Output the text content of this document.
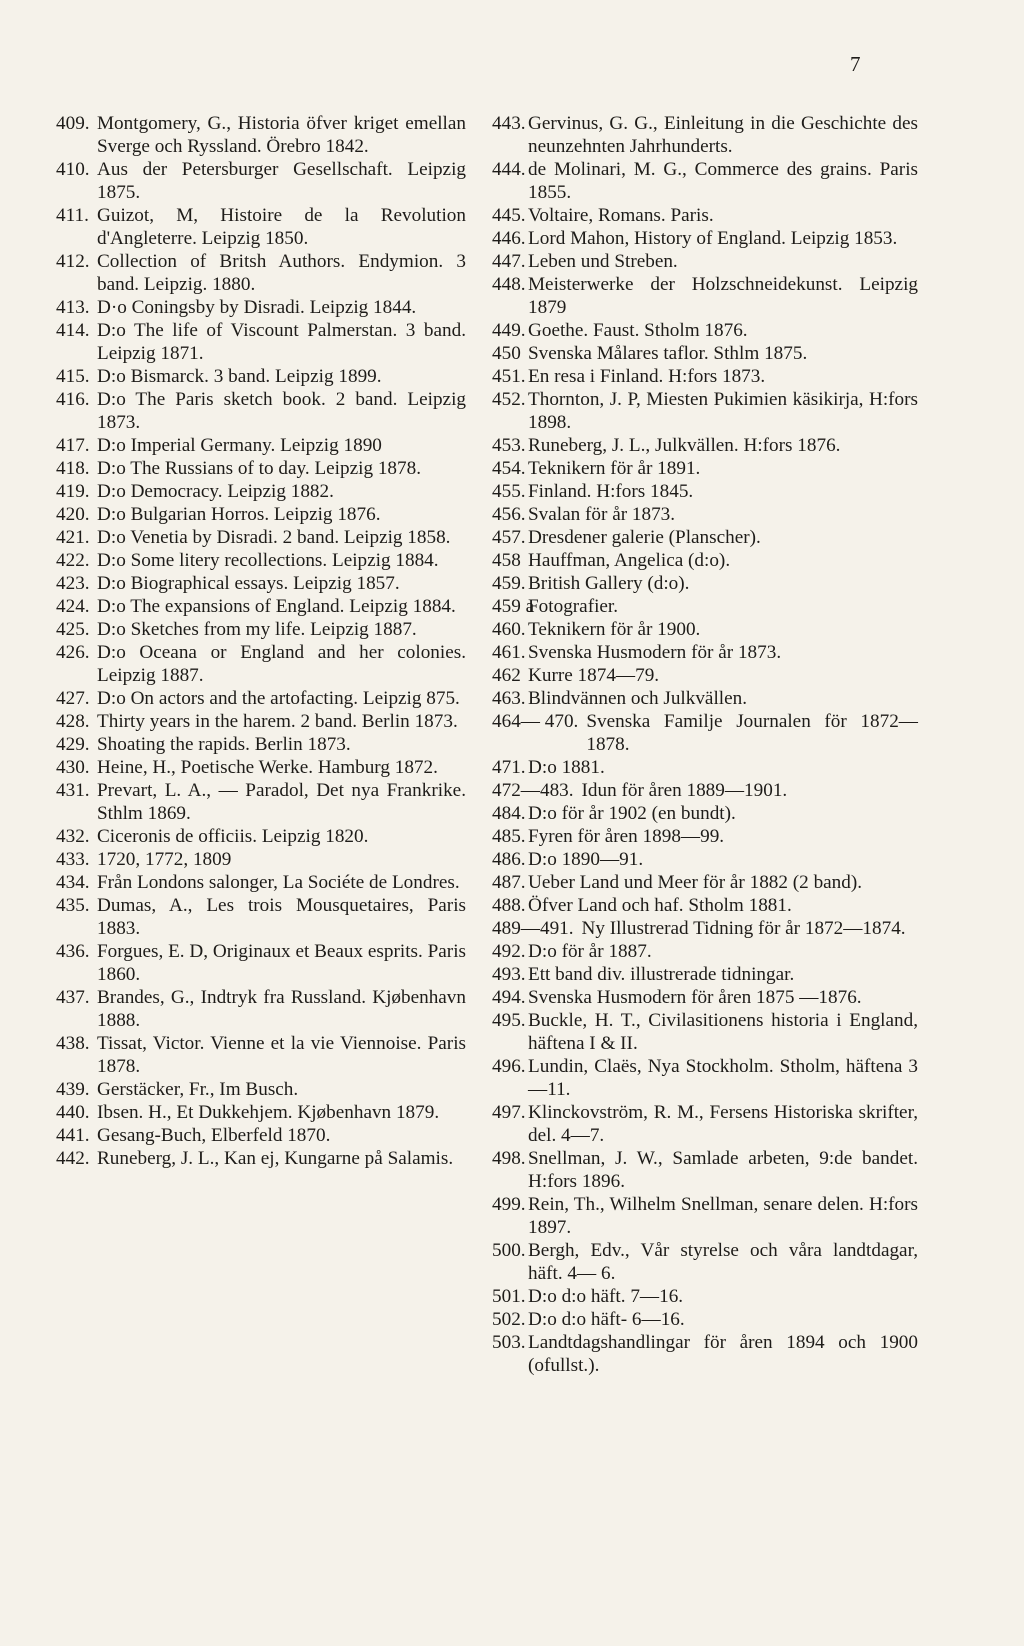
7
409. Montgomery, G., Historia öfver kriget emellan Sverge och Ryssland. Örebro 1842.
410. Aus der Petersburger Gesellschaft. Leipzig 1875.
411. Guizot, M, Histoire de la Revolution d'Angleterre. Leipzig 1850.
412. Collection of Britsh Authors. Endymion. 3 band. Leipzig. 1880.
413. D·o Coningsby by Disradi. Leipzig 1844.
414. D:o The life of Viscount Palmerstan. 3 band. Leipzig 1871.
415. D:o Bismarck. 3 band. Leipzig 1899.
416. D:o The Paris sketch book. 2 band. Leipzig 1873.
417. D:o Imperial Germany. Leipzig 1890
418. D:o The Russians of to day. Leipzig 1878.
419. D:o Democracy. Leipzig 1882.
420. D:o Bulgarian Horros. Leipzig 1876.
421. D:o Venetia by Disradi. 2 band. Leipzig 1858.
422. D:o Some litery recollections. Leipzig 1884.
423. D:o Biographical essays. Leipzig 1857.
424. D:o The expansions of England. Leipzig 1884.
425. D:o Sketches from my life. Leipzig 1887.
426. D:o Oceana or England and her colonies. Leipzig 1887.
427. D:o On actors and the artofacting. Leipzig 875.
428. Thirty years in the harem. 2 band. Berlin 1873.
429. Shoating the rapids. Berlin 1873.
430. Heine, H., Poetische Werke. Hamburg 1872.
431. Prevart, L. A., — Paradol, Det nya Frankrike. Sthlm 1869.
432. Ciceronis de officiis. Leipzig 1820.
433. 1720, 1772, 1809
434. Från Londons salonger, La Sociéte de Londres.
435. Dumas, A., Les trois Mousquetaires, Paris 1883.
436. Forgues, E. D, Originaux et Beaux esprits. Paris 1860.
437. Brandes, G., Indtryk fra Russland. Kjøbenhavn 1888.
438. Tissat, Victor. Vienne et la vie Viennoise. Paris 1878.
439. Gerstäcker, Fr., Im Busch.
440. Ibsen. H., Et Dukkehjem. Kjøbenhavn 1879.
441. Gesang-Buch, Elberfeld 1870.
442. Runeberg, J. L., Kan ej, Kungarne på Salamis.
443. Gervinus, G. G., Einleitung in die Geschichte des neunzehnten Jahrhunderts.
444. de Molinari, M. G., Commerce des grains. Paris 1855.
445. Voltaire, Romans. Paris.
446. Lord Mahon, History of England. Leipzig 1853.
447. Leben und Streben.
448. Meisterwerke der Holzschneidekunst. Leipzig 1879
449. Goethe. Faust. Stholm 1876.
450 Svenska Målares taflor. Sthlm 1875.
451. En resa i Finland. H:fors 1873.
452. Thornton, J. P, Miesten Pukimien käsikirja, H:fors 1898.
453. Runeberg, J. L., Julkvällen. H:fors 1876.
454. Teknikern för år 1891.
455. Finland. H:fors 1845.
456. Svalan för år 1873.
457. Dresdener galerie (Planscher).
458 Hauffman, Angelica (d:o).
459. British Gallery (d:o).
459 a
Fotografier.
460. Teknikern för år 1900.
461. Svenska Husmodern för år 1873.
462 Kurre 1874—79.
463. Blindvännen och Julkvällen.
464— 470. Svenska Familje Journalen för 1872—1878.
471. D:o 1881.
472—483. Idun för åren 1889—1901.
484. D:o för år 1902 (en bundt).
485. Fyren för åren 1898—99.
486. D:o 1890—91.
487. Ueber Land und Meer för år 1882 (2 band).
488. Öfver Land och haf. Stholm 1881.
489—491. Ny Illustrerad Tidning för år 1872—1874.
492. D:o för år 1887.
493. Ett band div. illustrerade tidningar.
494. Svenska Husmodern för åren 1875 —1876.
495. Buckle, H. T., Civilasitionens historia i England, häftena I & II.
496. Lundin, Claës, Nya Stockholm. Stholm, häftena 3—11.
497. Klinckovström, R. M., Fersens Historiska skrifter, del. 4—7.
498. Snellman, J. W., Samlade arbeten, 9:de bandet. H:fors 1896.
499. Rein, Th., Wilhelm Snellman, senare delen. H:fors 1897.
500. Bergh, Edv., Vår styrelse och våra landtdagar, häft. 4— 6.
501. D:o d:o häft. 7—16.
502. D:o d:o häft- 6—16.
503. Landtdagshandlingar för åren 1894 och 1900 (ofullst.).
